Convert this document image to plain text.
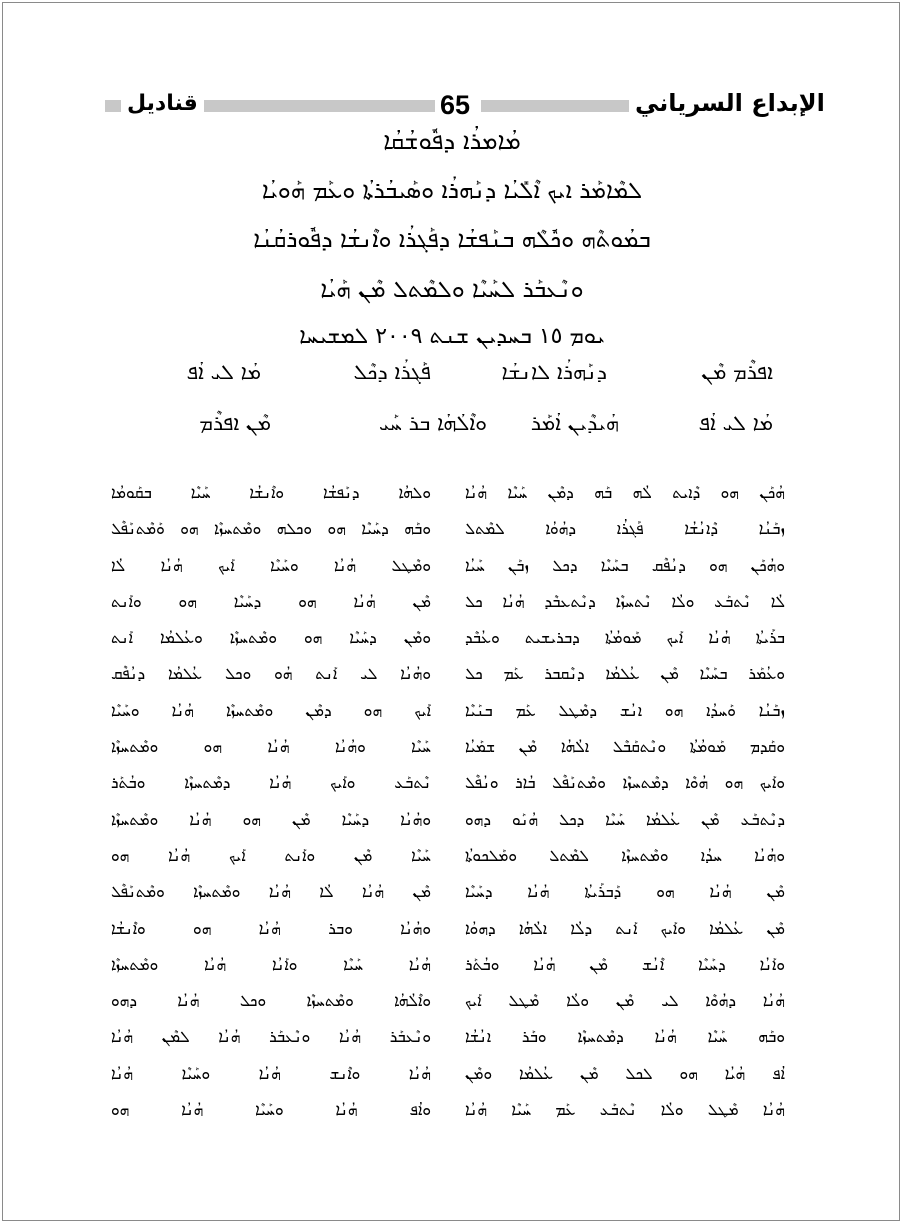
قناديل	65	الإبداع السرياني
ܡܳܐܡܪܳܐ ܕܦܽܘܫܳܩܳܐ
ܠܡܶܐܡܰܪ ܐܝܟ ܐܶܠܺܝܳܐ ܕܢܰܗܪܳܐ ܘܣܰܝܒܳܪܬܳܐ ܘܥܰܡ ܗܰܘܝܳܐ
ܒܡܳܘܬܶܗ ܘܟܽܠܶܗ ܒܢܰܦܫܳܐ ܕܦܰܓܪܳܐ ܘܐܶܢܫܳܐ ܕܦܽܘܪܩܳܢܳܐ
ܘܢܶܥܒܰܪ ܠܚܰܝܶܐ ܘܠܡܶܬܠ ܡܶܢ ܗܰܝܳܐ
ܝܘܡ ١٥ ܒܚܕܝܢ ܫܢܬ ٢٠٠٩ ܠܡܫܝܚܐ
ܐܦܪܶܡ ܡܶܢ
ܕܢܰܗܪܳܐ ܠܐܢܫܳܐ
ܦܰܓܪܳܐ ܕܟܶܠ
ܡܳܐ ܠܝ ܐܳܦ
ܡܳܐ ܠܝ ܐܳܦ
ܗܳܝܕܶܝܢ ܐܳܡܰܪ
ܘܐܶܠܳܗܳܐ ܒܪ ܚܰܝ
ܡܶܢ ܐܦܪܶܡ
ܗܳܟܰܢ ܗܘ ܕܶܐܝܬ ܠܳܗ ܒܰܗ ܕܡܶܢ ܚܰܝܶܐ ܗܳܢܳܐ
ܙܒܰܢܳܐ ܕܶܐܢܳܫܳܐ ܦܰܓܪܳܐ ܕܗܳܘܳܐ ܠܡܶܬܠ
ܘܗܳܟܰܢ ܗܘ ܕܢܳܦܶܩ ܒܚܰܝܶܐ ܕܟܠ ܙܒܰܢ ܚܰܝܳܐ
ܠܳܐ ܢܶܬܒܰܥ ܘܠܳܐ ܢܶܬܚܙܶܐ ܕܢܶܬܥܒܶܕ ܗܳܢܳܐ ܟܠ
ܒܪܰܝܬܳܐ ܗܳܢܳܐ ܐܰܝܟ ܡܰܘܡܳܬܳܐ ܕܒܪܝܫܝܬ ܘܥܳܒܶܕ
ܘܥܳܡܰܪ ܒܚܰܝܶܐ ܡܶܢ ܥܳܠܡܳܐ ܕܢܶܩܒܪ ܥܰܡ ܟܠ
ܙܒܰܢܳܐ ܘܰܚܕܳܐ ܗܘ ܐܢܳܫ ܕܡܶܛܠ ܥܰܡ ܒܢܰܝܶܐ
ܘܩܰܕܡ ܡܰܘܡܳܬܳܐ ܘܢܶܬܩܰܒܶܠ ܐܠܳܗܳܐ ܡܶܢ ܫܡܰܝܳܐ
ܘܐܰܝܟ ܗܘ ܗܳܘܶܐ ܕܡܶܬܚܙܶܐ ܘܡܶܬܢܰܦܶܠ ܒܳܐܪ ܘܢܳܦܶܠ
ܕܢܶܬܒܰܥ ܡܶܢ ܥܳܠܡܳܐ ܚܰܝܶܐ ܕܟܠ ܗܳܢܰܘ ܕܗܘ
ܘܗܳܢܳܐ ܚܕܳܐ ܘܡܶܬܚܙܶܐ ܠܡܶܬܠ ܘܡܰܠܟܘܬܳܐ
ܡܶܢ ܗܳܢܳܐ ܗܘ ܕܰܒܪܰܝܬܳܐ ܗܳܢܳܐ ܕܚܰܝܶܐ
ܡܶܢ ܥܳܠܡܳܐ ܘܐܰܝܟ ܐܰܢܬ ܕܠܳܐ ܐܠܳܗܳܐ ܕܗܘܳܐ
ܘܐܰܢܳܐ ܕܚܰܝܶܐ ܐܶܢܳܫ ܡܶܢ ܗܳܢܳܐ ܘܒܳܬܰܪ
ܗܳܢܳܐ ܕܗܳܘܶܐ ܠܝ ܡܶܢ ܘܠܳܐ ܡܶܛܠ ܐܰܝܟ
ܘܒܰܗ ܚܰܝܶܐ ܗܳܢܳܐ ܕܡܶܬܚܙܶܐ ܘܒܰܪ ܐܢܳܫܳܐ
ܐܳܦ ܗܳܝܳܐ ܗܘ ܠܟܠ ܡܶܢ ܥܳܠܡܳܐ ܘܡܶܢ
ܗܳܢܳܐ ܡܶܛܠ ܘܠܳܐ ܢܶܬܒܰܥ ܥܰܡ ܚܰܝܶܐ ܗܳܢܳܐ
ܘܠܗܳܐ ܕܢܰܦܫܳܐ ܘܐܶܢܫܳܐ ܚܰܝܶܐ ܒܩܰܘܡܳܐ
ܘܒܰܗ ܕܚܰܝܶܐ ܗܘ ܘܟܠܗ ܘܡܶܬܚܙܶܐ ܗܘ ܘܰܡܶܬܢܰܦܶܠ
ܘܡܶܛܠ ܗܳܢܳܐ ܘܚܰܝܶܐ ܐܰܝܟ ܗܳܢܳܐ ܠܳܐ
ܡܶܢ ܗܳܢܳܐ ܗܘ ܕܚܰܝܶܐ ܗܘ ܘܐܰܢܬ
ܘܡܶܢ ܕܚܰܝܶܐ ܗܘ ܘܡܶܬܚܙܶܐ ܘܥܳܠܡܳܐ ܐܰܢܬ
ܘܗܳܢܳܐ ܠܝ ܐܰܢܬ ܗܳܘ ܘܟܠ ܥܳܠܡܳܐ ܕܢܳܦܶܩ
ܐܰܝܟ ܗܘ ܕܡܶܢ ܘܡܶܬܚܙܶܐ ܗܳܢܳܐ ܘܚܰܝܶܐ
ܚܰܝܶܐ ܘܗܳܢܳܐ ܗܳܢܳܐ ܗܘ ܘܡܶܬܚܙܶܐ
ܢܶܬܒܰܥ ܘܐܰܝܟ ܗܳܢܳܐ ܕܡܶܬܚܙܶܐ ܘܒܳܬܰܪ
ܘܗܳܢܳܐ ܕܚܰܝܶܐ ܡܶܢ ܗܘ ܗܳܢܳܐ ܘܡܶܬܚܙܶܐ
ܚܰܝܶܐ ܡܶܢ ܘܐܰܢܬ ܐܰܝܟ ܗܳܢܳܐ ܗܘ
ܡܶܢ ܗܳܢܳܐ ܠܳܐ ܗܳܢܳܐ ܘܡܶܬܚܙܶܐ ܘܡܶܬܢܰܦܶܠ
ܘܗܳܢܳܐ ܘܒܪ ܗܳܢܳܐ ܗܘ ܘܐܶܢܫܳܐ
ܗܳܢܳܐ ܚܰܝܶܐ ܘܐܰܢܳܐ ܗܳܢܳܐ ܘܡܶܬܚܙܶܐ
ܘܐܶܠܳܗܳܐ ܘܡܶܬܚܙܶܐ ܘܟܠ ܗܳܢܳܐ ܕܗܘ
ܘܢܶܥܒܰܪ ܗܳܢܳܐ ܘܢܶܥܒܰܪ ܗܳܢܳܐ ܠܡܶܢ ܗܳܢܳܐ
ܗܳܢܳܐ ܘܐܶܢܫ ܗܳܢܳܐ ܘܚܰܝܶܐ ܗܳܢܳܐ
ܘܐܳܦ ܗܳܢܳܐ ܘܚܰܝܶܐ ܗܳܢܳܐ ܗܘ
